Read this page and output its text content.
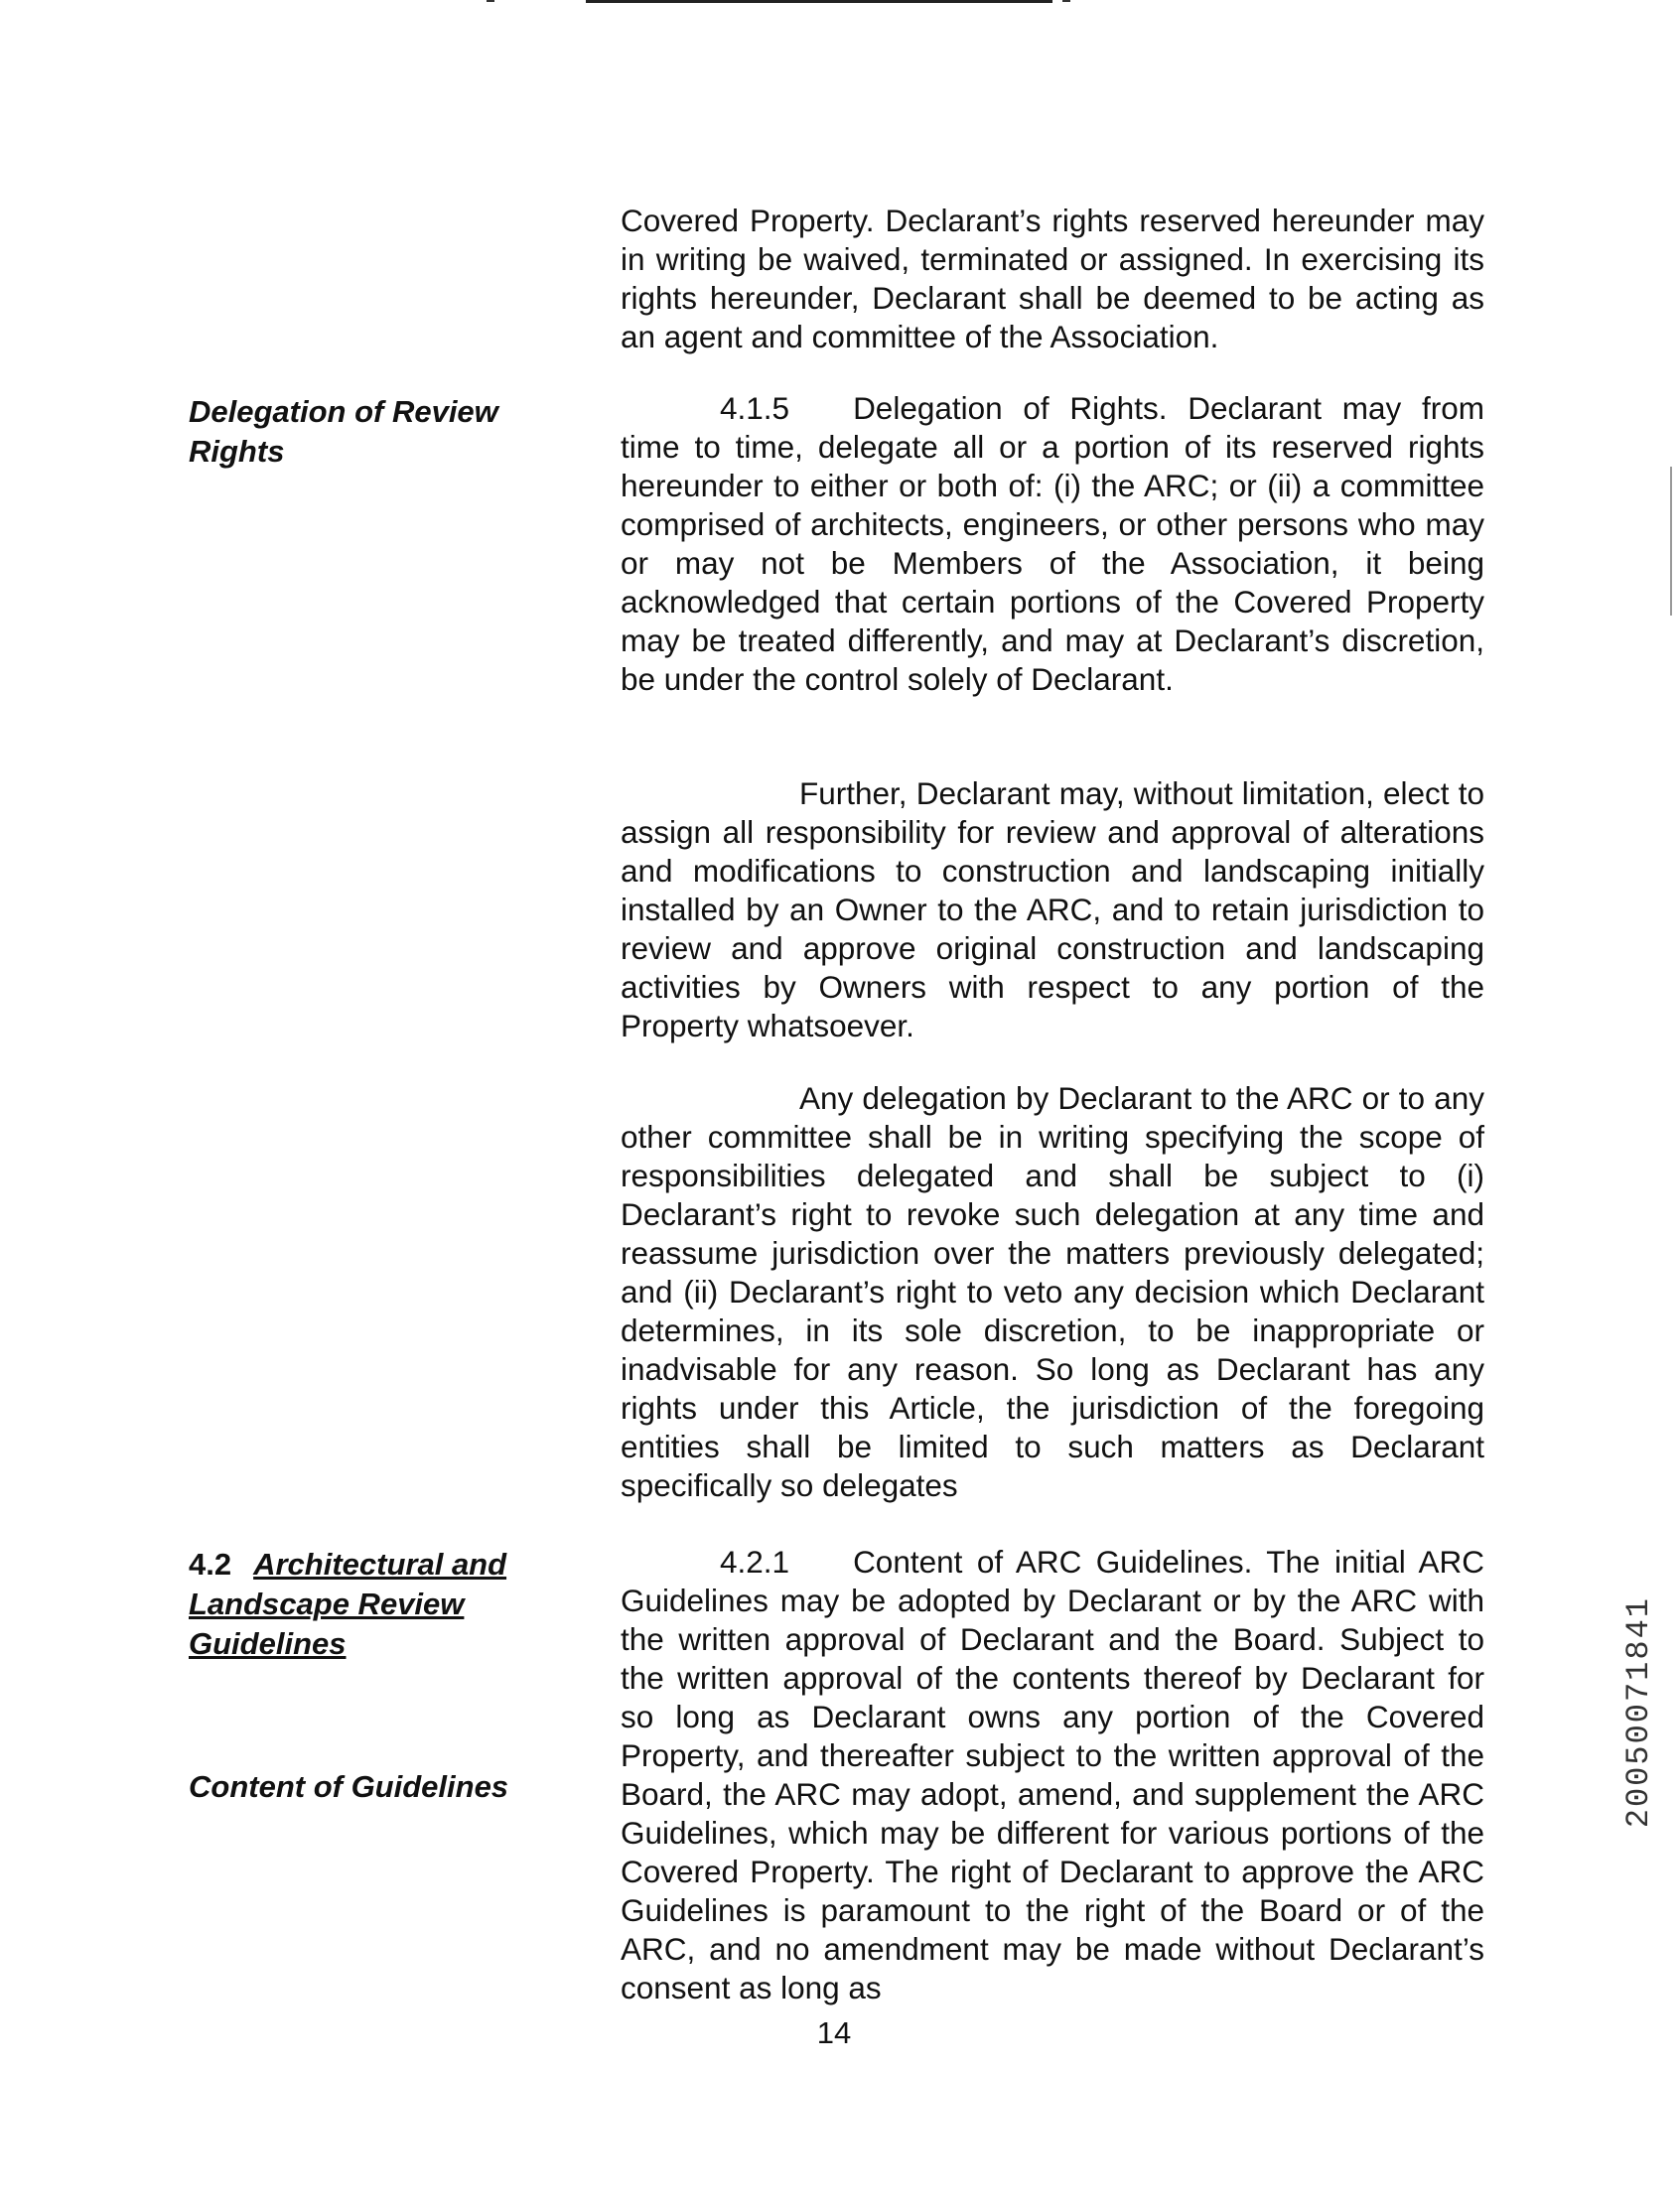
Delegation of Review Rights
4.2 Architectural and Landscape Review Guidelines
Content of Guidelines

Covered Property. Declarant’s rights reserved hereunder may in writing be waived, terminated or assigned. In exercising its rights hereunder, Declarant shall be deemed to be acting as an agent and committee of the Association.

4.1.5 Delegation of Rights. Declarant may from time to time, delegate all or a portion of its reserved rights hereunder to either or both of: (i) the ARC; or (ii) a committee comprised of architects, engineers, or other persons who may or may not be Members of the Association, it being acknowledged that certain portions of the Covered Property may be treated differently, and may at Declarant’s discretion, be under the control solely of Declarant.

Further, Declarant may, without limitation, elect to assign all responsibility for review and approval of alterations and modifications to construction and landscaping initially installed by an Owner to the ARC, and to retain jurisdiction to review and approve original construction and landscaping activities by Owners with respect to any portion of the Property whatsoever.

Any delegation by Declarant to the ARC or to any other committee shall be in writing specifying the scope of responsibilities delegated and shall be subject to (i) Declarant’s right to revoke such delegation at any time and reassume jurisdiction over the matters previously delegated; and (ii) Declarant’s right to veto any decision which Declarant determines, in its sole discretion, to be inappropriate or inadvisable for any reason. So long as Declarant has any rights under this Article, the jurisdiction of the foregoing entities shall be limited to such matters as Declarant specifically so delegates

4.2.1 Content of ARC Guidelines. The initial ARC Guidelines may be adopted by Declarant or by the ARC with the written approval of Declarant and the Board. Subject to the written approval of the contents thereof by Declarant for so long as Declarant owns any portion of the Covered Property, and thereafter subject to the written approval of the Board, the ARC may adopt, amend, and supplement the ARC Guidelines, which may be different for various portions of the Covered Property. The right of Declarant to approve the ARC Guidelines is paramount to the right of the Board or of the ARC, and no amendment may be made without Declarant’s consent as long as

20050071841
14
